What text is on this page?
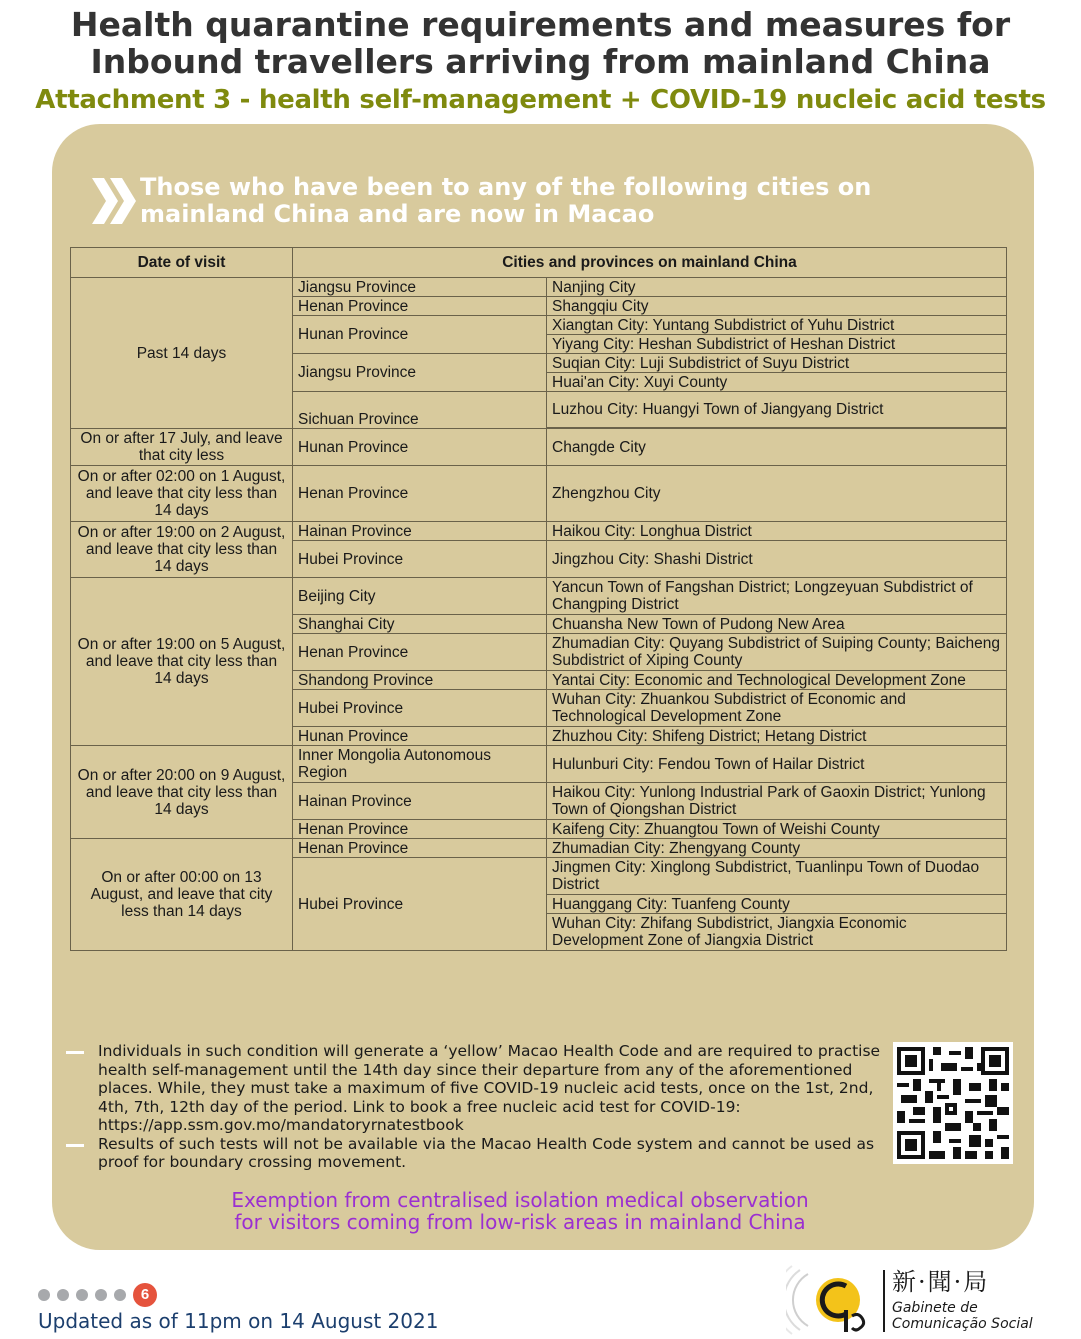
Health quarantine requirements and measures for
Inbound travellers arriving from mainland China
Attachment 3 - health self-management + COVID-19 nucleic acid tests
Those who have been to any of the following cities on
mainland China and are now in Macao
Date of visit	Cities and provinces on mainland China	
Past 14 days	Jiangsu Province	Nanjing City
	Henan Province	Shangqiu City
	Hunan Province	Xiangtan City: Yuntang Subdistrict of Yuhu District
		Yiyang City: Heshan Subdistrict of Heshan District
	Jiangsu Province	Suqian City: Luji Subdistrict of Suyu District
		Huai'an City: Xuyi County
	Sichuan Province	Luzhou City: Huangyi Town of Jiangyang District

On or after 17 July, and leave that city less	Hunan Province	Changde City
On or after 02:00 on 1 August, and leave that city less than 14 days	Henan Province	Zhengzhou City
On or after 19:00 on 2 August, and leave that city less than 14 days	Hainan Province	Haikou City: Longhua District
	Hubei Province	Jingzhou City: Shashi District
On or after 19:00 on 5 August, and leave that city less than 14 days	Beijing City	Yancun Town of Fangshan District; Longzeyuan Subdistrict of Changping District
	Shanghai City	Chuansha New Town of Pudong New Area
	Henan Province	Zhumadian City: Quyang Subdistrict of Suiping County; Baicheng Subdistrict of Xiping County
	Shandong Province	Yantai City: Economic and Technological Development Zone
	Hubei Province	Wuhan City: Zhuankou Subdistrict of Economic and Technological Development Zone
	Hunan Province	Zhuzhou City: Shifeng District; Hetang District
On or after 20:00 on 9 August, and leave that city less than 14 days	Inner Mongolia Autonomous Region	Hulunburi City: Fendou Town of Hailar District
	Hainan Province	Haikou City: Yunlong Industrial Park of Gaoxin District; Yunlong Town of Qiongshan District
	Henan Province	Kaifeng City: Zhuangtou Town of Weishi County
On or after 00:00 on 13 August, and leave that city less than 14 days	Henan Province	Zhumadian City: Zhengyang County
	Hubei Province	Jingmen City: Xinglong Subdistrict, Tuanlinpu Town of Duodao District
		Huanggang City: Tuanfeng County
		Wuhan City: Zhifang Subdistrict, Jiangxia Economic Development Zone of Jiangxia District
Individuals in such condition will generate a ‘yellow’ Macao Health Code and are required to practise health self-management until the 14th day since their departure from any of the aforementioned places. While, they must take a maximum of five COVID-19 nucleic acid tests, once on the 1st, 2nd, 4th, 7th, 12th day of the period. Link to book a free nucleic acid test for COVID-19: https://app.ssm.gov.mo/mandatoryrnatestbook
Results of such tests will not be available via the Macao Health Code system and cannot be used as proof for boundary crossing movement.
Exemption from centralised isolation medical observation
for visitors coming from low-risk areas in mainland China
6
Updated as of 11pm on 14 August 2021
新·聞·局
Gabinete de
Comunicação Social
